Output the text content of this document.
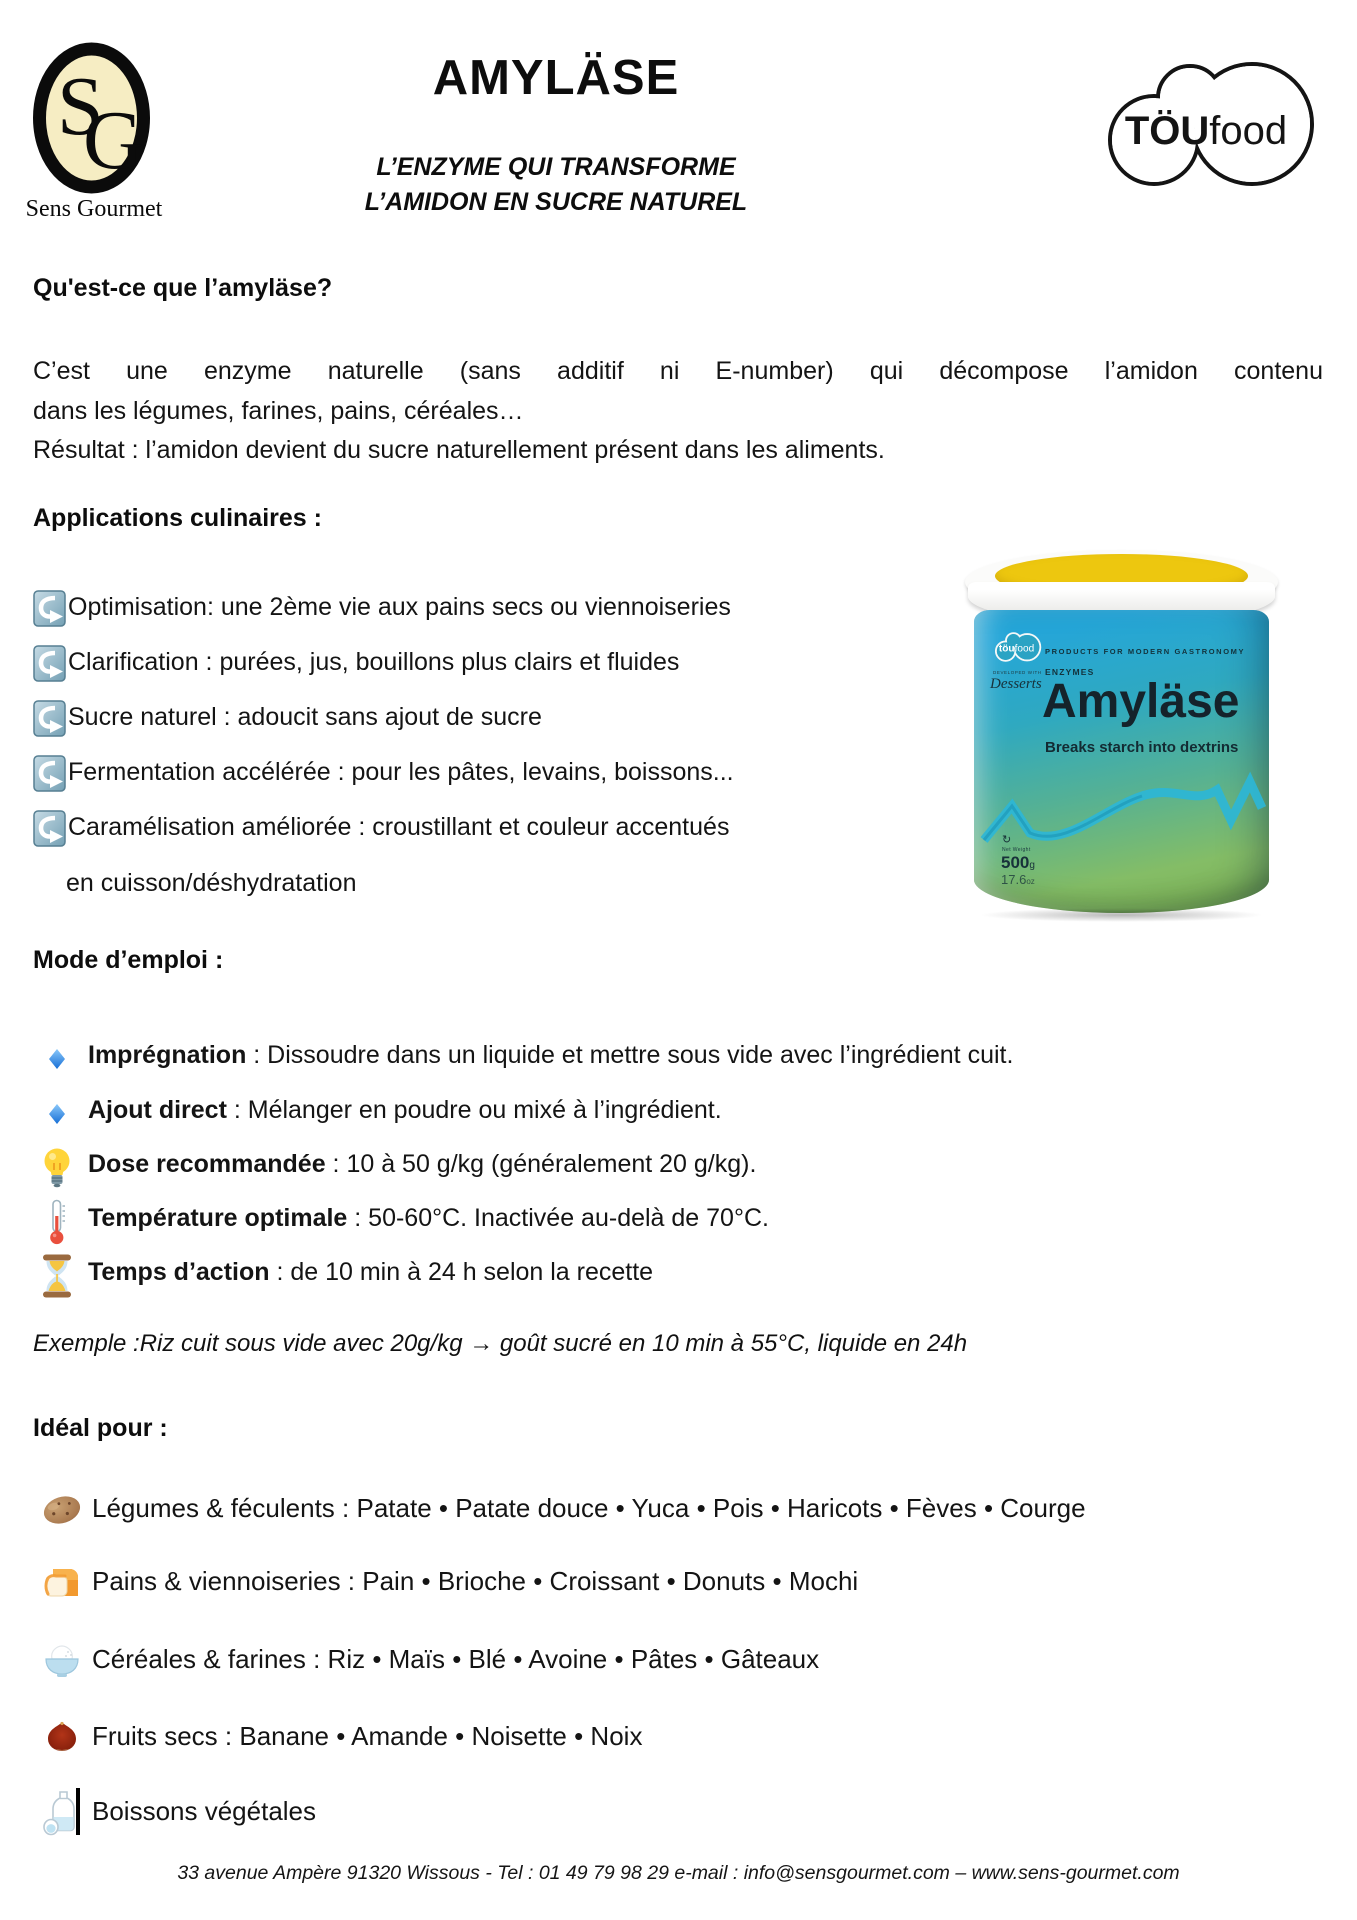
S
G
Sens Gourmet
AMYLÄSE
L’ENZYME QUI TRANSFORME
L’AMIDON EN SUCRE NATUREL
TÖUfood
Qu'est-ce que l’amyläse?
C’est une enzyme naturelle (sans additif ni E-number) qui décompose l’amidon contenu
dans les légumes, farines, pains, céréales…
Résultat : l’amidon devient du sucre naturellement présent dans les aliments.
Applications culinaires :
Optimisation: une 2ème vie aux pains secs ou viennoiseries
Clarification : purées, jus, bouillons plus clairs et fluides
Sucre naturel : adoucit sans ajout de sucre
Fermentation accélérée : pour les pâtes, levains, boissons...
Caramélisation améliorée : croustillant et couleur accentués
en cuisson/déshydratation
töufood PRODUCTS FOR MODERN GASTRONOMY
ENZYMES
DEVELOPED WITH
Desserts Amyläse
Breaks starch into dextrins
↻
Net Weight
500g
17.6oz
Mode d’emploi :
Imprégnation : Dissoudre dans un liquide et mettre sous vide avec l’ingrédient cuit.
Ajout direct : Mélanger en poudre ou mixé à l’ingrédient.
Dose recommandée : 10 à 50 g/kg (généralement 20 g/kg).
Température optimale : 50-60°C. Inactivée au-delà de 70°C.
Temps d’action : de 10 min à 24 h selon la recette
Exemple :Riz cuit sous vide avec 20g/kg → goût sucré en 10 min à 55°C, liquide en 24h
Idéal pour :
Légumes & féculents : Patate • Patate douce • Yuca • Pois • Haricots • Fèves • Courge
Pains & viennoiseries : Pain • Brioche • Croissant • Donuts • Mochi
Céréales & farines : Riz • Maïs • Blé • Avoine • Pâtes • Gâteaux
Fruits secs : Banane • Amande • Noisette • Noix
Boissons végétales
33 avenue Ampère 91320 Wissous - Tel : 01 49 79 98 29 e-mail : info@sensgourmet.com – www.sens-gourmet.com
